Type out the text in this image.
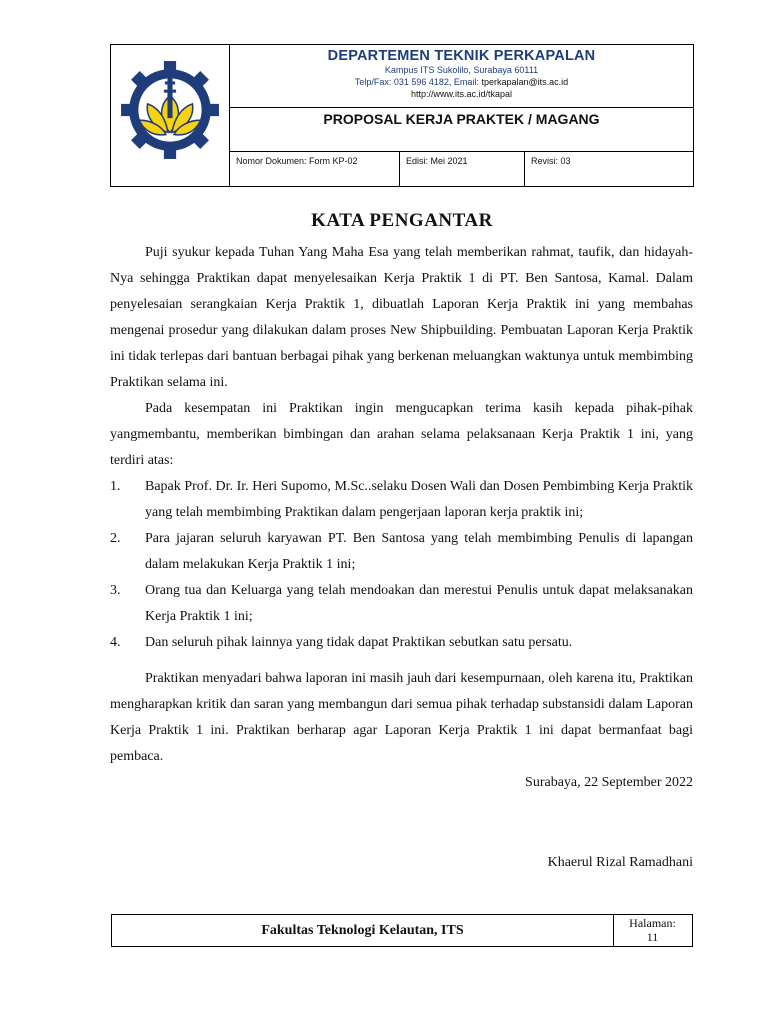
DEPARTEMEN TEKNIK PERKAPALAN
Kampus ITS Sukolilo, Surabaya 60111
Telp/Fax: 031 596 4182, Email: tperkapalan@its.ac.id
http://www.its.ac.id/tkapal
PROPOSAL KERJA PRAKTEK / MAGANG
Nomor Dokumen: Form KP-02	Edisi: Mei 2021	Revisi: 03
KATA PENGANTAR

Puji syukur kepada Tuhan Yang Maha Esa yang telah memberikan rahmat, taufik, dan hidayah-Nya sehingga Praktikan dapat menyelesaikan Kerja Praktik 1 di PT. Ben Santosa, Kamal. Dalam penyelesaian serangkaian Kerja Praktik 1, dibuatlah Laporan Kerja Praktik ini yang membahas mengenai prosedur yang dilakukan dalam proses New Shipbuilding. Pembuatan Laporan Kerja Praktik ini tidak terlepas dari bantuan berbagai pihak yang berkenan meluangkan waktunya untuk membimbing Praktikan selama ini.

Pada kesempatan ini Praktikan ingin mengucapkan terima kasih kepada pihak-pihak yangmembantu, memberikan bimbingan dan arahan selama pelaksanaan Kerja Praktik 1 ini, yang terdiri atas:

1. Bapak Prof. Dr. Ir. Heri Supomo, M.Sc..selaku Dosen Wali dan Dosen Pembimbing Kerja Praktik yang telah membimbing Praktikan dalam pengerjaan laporan kerja praktik ini;
2. Para jajaran seluruh karyawan PT. Ben Santosa yang telah membimbing Penulis di lapangan dalam melakukan Kerja Praktik 1 ini;
3. Orang tua dan Keluarga yang telah mendoakan dan merestui Penulis untuk dapat melaksanakan Kerja Praktik 1 ini;
4. Dan seluruh pihak lainnya yang tidak dapat Praktikan sebutkan satu persatu.

Praktikan menyadari bahwa laporan ini masih jauh dari kesempurnaan, oleh karena itu, Praktikan mengharapkan kritik dan saran yang membangun dari semua pihak terhadap substansidi dalam Laporan Kerja Praktik 1 ini. Praktikan berharap agar Laporan Kerja Praktik 1 ini dapat bermanfaat bagi pembaca.

Surabaya, 22 September 2022
Khaerul Rizal Ramadhani
Fakultas Teknologi Kelautan, ITS	Halaman:
11
